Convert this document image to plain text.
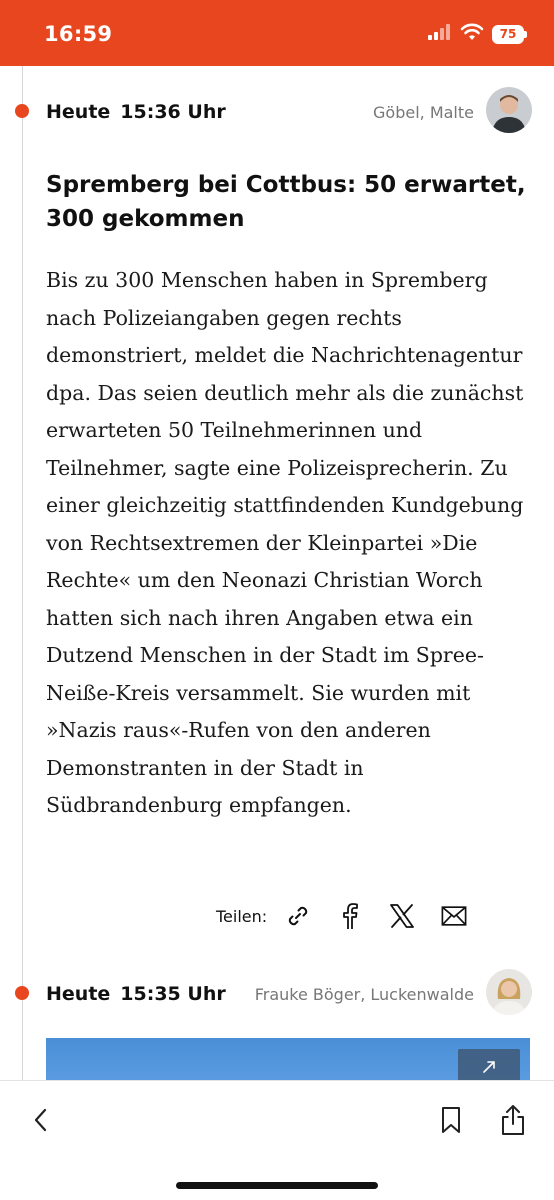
16:59	75
Heute 15:36 Uhr	Göbel, Malte
Spremberg bei Cottbus: 50 erwartet, 300 gekommen
Bis zu 300 Menschen haben in Spremberg nach Polizeiangaben gegen rechts demonstriert, meldet die Nachrichtenagentur dpa. Das seien deutlich mehr als die zunächst erwarteten 50 Teilnehmerinnen und Teilnehmer, sagte eine Polizeisprecherin. Zu einer gleichzeitig stattfindenden Kundgebung von Rechtsextremen der Kleinpartei »Die Rechte« um den Neonazi Christian Worch hatten sich nach ihren Angaben etwa ein Dutzend Menschen in der Stadt im Spree-Neiße-Kreis versammelt. Sie wurden mit »Nazis raus«-Rufen von den anderen Demonstranten in der Stadt in Südbrandenburg empfangen.
Teilen:
Heute 15:35 Uhr Frauke Böger, Luckenwalde
